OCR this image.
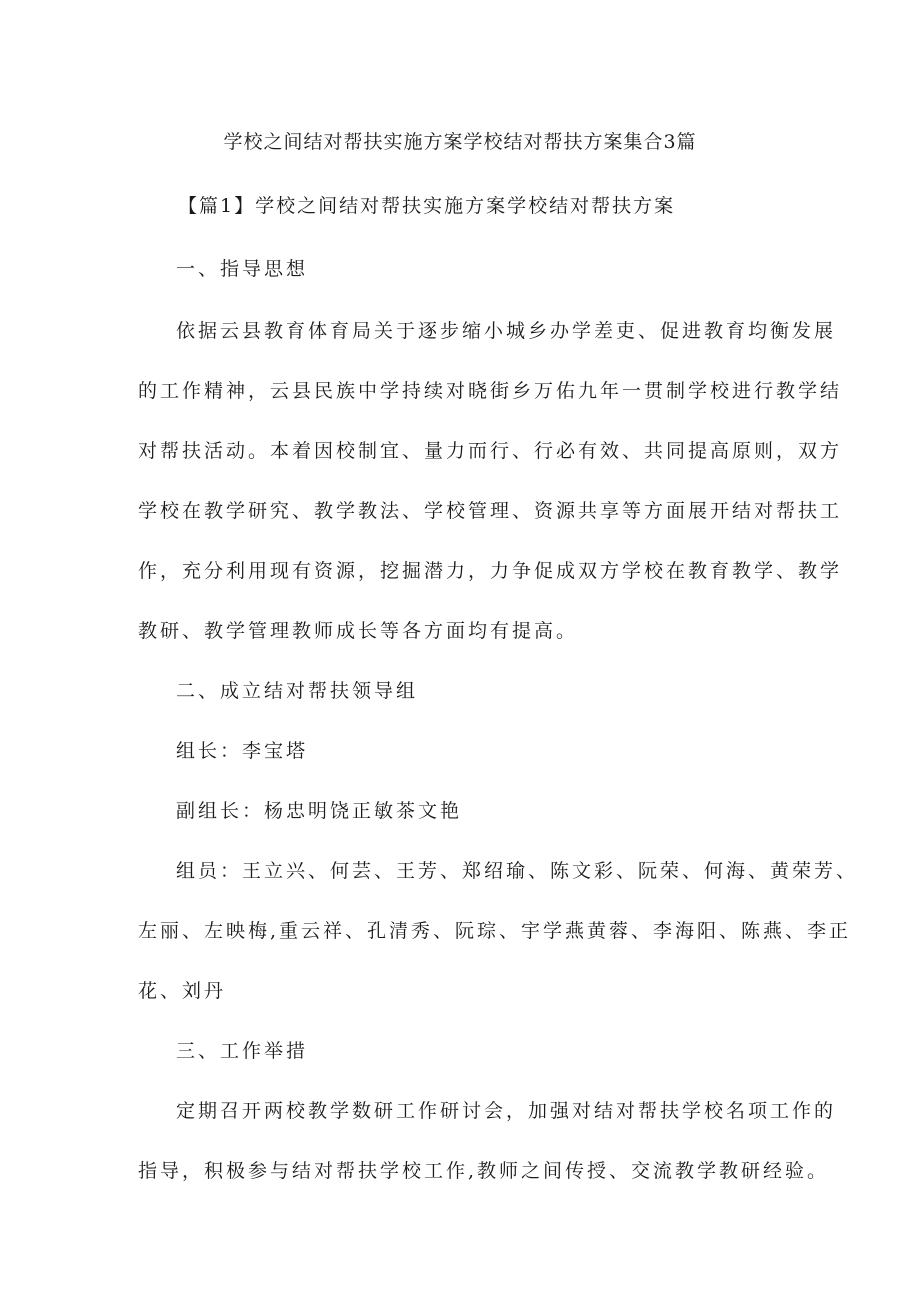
学校之间结对帮扶实施方案学校结对帮扶方案集合3篇
【篇1】学校之间结对帮扶实施方案学校结对帮扶方案
一、指导思想
依据云县教育体育局关于逐步缩小城乡办学差吏、促进教育均衡发展
的工作精神，云县民族中学持续对晓街乡万佑九年一贯制学校进行教学结
对帮扶活动。本着因校制宜、量力而行、行必有效、共同提高原则，双方
学校在教学研究、教学教法、学校管理、资源共享等方面展开结对帮扶工
作，充分利用现有资源，挖掘潜力，力争促成双方学校在教育教学、教学
教研、教学管理教师成长等各方面均有提高。
二、成立结对帮扶领导组
组长：李宝塔
副组长：杨忠明饶正敏茶文艳
组员：王立兴、何芸、王芳、郑绍瑜、陈文彩、阮荣、何海、黄荣芳、
左丽、左映梅,重云祥、孔清秀、阮琮、宇学燕黄蓉、李海阳、陈燕、李正
花、刘丹
三、工作举措
定期召开两校教学数研工作研讨会，加强对结对帮扶学校名项工作的
指导，积极参与结对帮扶学校工作,教师之间传授、交流教学教研经验。
